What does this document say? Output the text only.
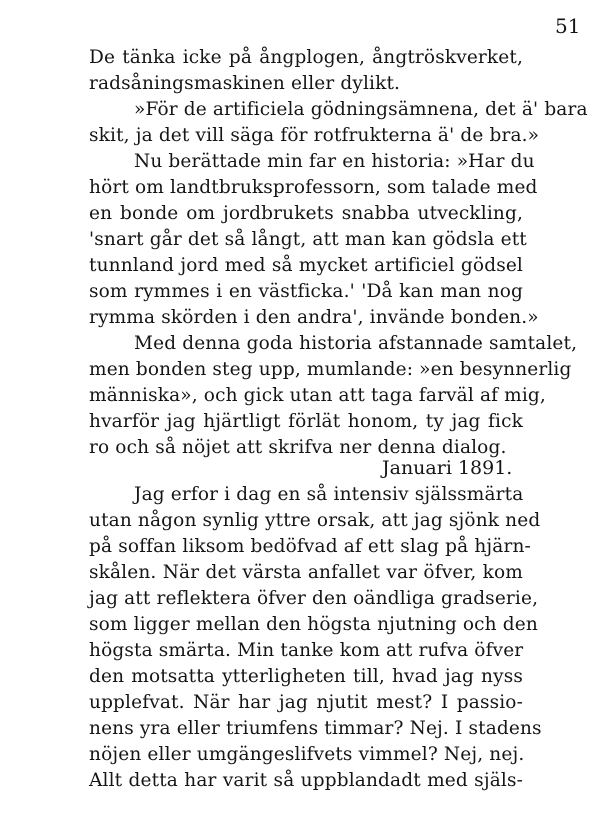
51
De tänka icke på ångplogen, ångtröskverket,
radsåningsmaskinen eller dylikt.
»För de artificiela gödningsämnena, det ä' bara
skit, ja det vill säga för rotfrukterna ä' de bra.»
Nu berättade min far en historia: »Har du
hört om landtbruksprofessorn, som talade med
en bonde om jordbrukets snabba utveckling,
'snart går det så långt, att man kan gödsla ett
tunnland jord med så mycket artificiel gödsel
som rymmes i en västficka.' 'Då kan man nog
rymma skörden i den andra', invände bonden.»
Med denna goda historia afstannade samtalet,
men bonden steg upp, mumlande: »en besynnerlig
människa», och gick utan att taga farväl af mig,
hvarför jag hjärtligt förlät honom, ty jag fick
ro och så nöjet att skrifva ner denna dialog.
Januari 1891.
Jag erfor i dag en så intensiv själssmärta
utan någon synlig yttre orsak, att jag sjönk ned
på soffan liksom bedöfvad af ett slag på hjärn-
skålen. När det värsta anfallet var öfver, kom
jag att reflektera öfver den oändliga gradserie,
som ligger mellan den högsta njutning och den
högsta smärta. Min tanke kom att rufva öfver
den motsatta ytterligheten till, hvad jag nyss
upplefvat. När har jag njutit mest? I passio-
nens yra eller triumfens timmar? Nej. I stadens
nöjen eller umgängeslifvets vimmel? Nej, nej.
Allt detta har varit så uppblandadt med själs-
